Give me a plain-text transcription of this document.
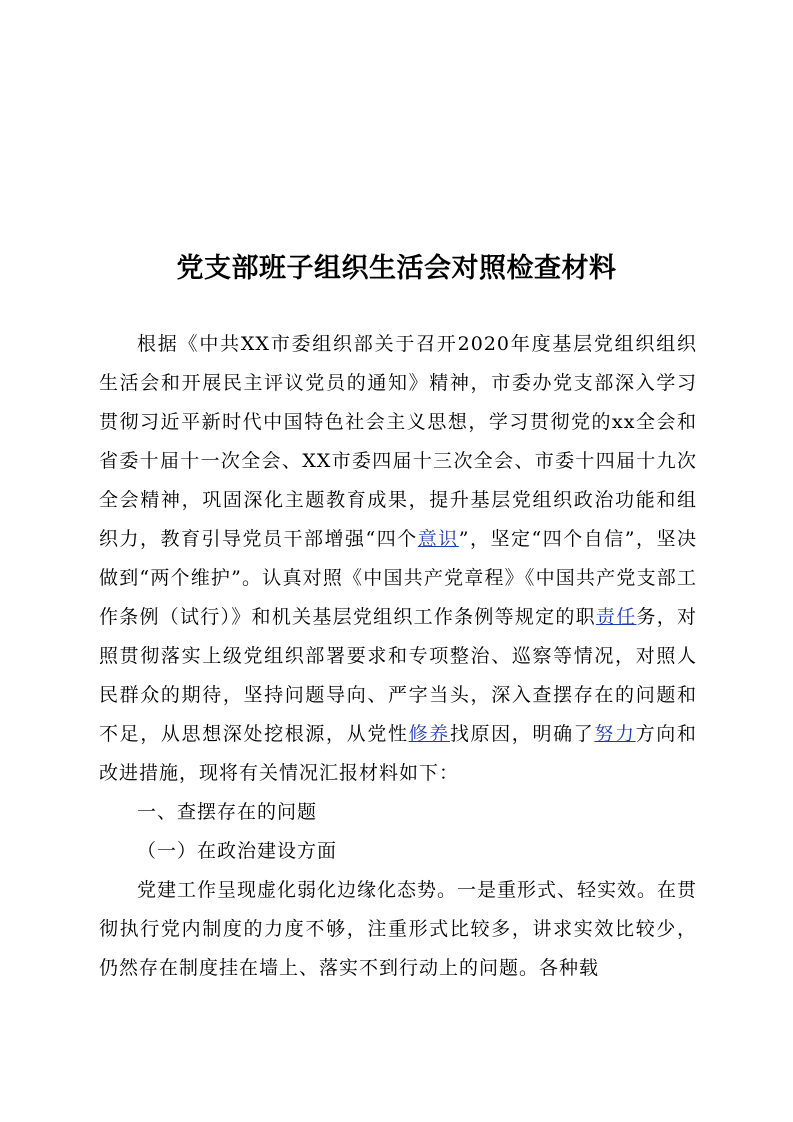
党支部班子组织生活会对照检查材料

根据《中共XX市委组织部关于召开2020年度基层党组织组织生活会和开展民主评议党员的通知》精神，市委办党支部深入学习贯彻习近平新时代中国特色社会主义思想，学习贯彻党的xx全会和省委十届十一次全会、XX市委四届十三次全会、市委十四届十九次全会精神，巩固深化主题教育成果，提升基层党组织政治功能和组织力，教育引导党员干部增强“四个意识”，坚定“四个自信”，坚决做到“两个维护”。认真对照《中国共产党章程》《中国共产党支部工作条例（试行）》和机关基层党组织工作条例等规定的职责任务，对照贯彻落实上级党组织部署要求和专项整治、巡察等情况，对照人民群众的期待，坚持问题导向、严字当头，深入查摆存在的问题和不足，从思想深处挖根源，从党性修养找原因，明确了努力方向和改进措施，现将有关情况汇报材料如下：

一、查摆存在的问题

（一）在政治建设方面

党建工作呈现虚化弱化边缘化态势。一是重形式、轻实效。在贯彻执行党内制度的力度不够，注重形式比较多，讲求实效比较少，仍然存在制度挂在墙上、落实不到行动上的问题。各种载
